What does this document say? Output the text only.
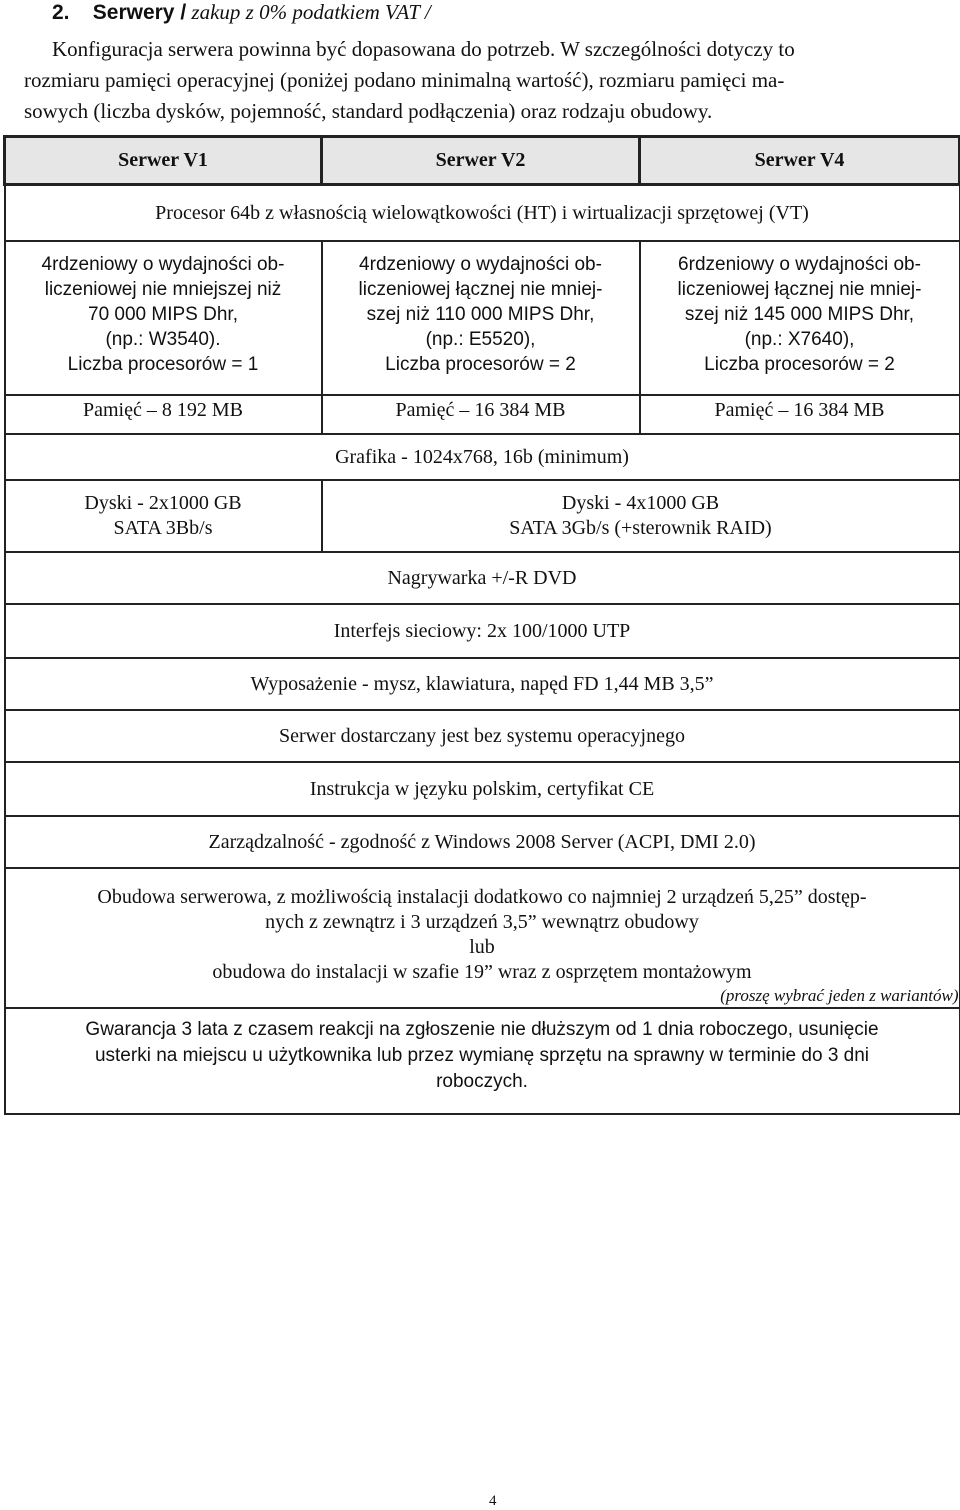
2. Serwery / zakup z 0% podatkiem VAT /

Konfiguracja serwera powinna być dopasowana do potrzeb. W szczególności dotyczy to

rozmiaru pamięci operacyjnej (poniżej podano minimalną wartość), rozmiaru pamięci ma-

sowych (liczba dysków, pojemność, standard podłączenia) oraz rodzaju obudowy.

Serwer V1	Serwer V2	Serwer V4
Procesor 64b z własnością wielowątkowości (HT) i wirtualizacji sprzętowej (VT)		

4rdzeniowy o wydajności ob-
liczeniowej nie mniejszej niż
70 000 MIPS Dhr,
(np.: W3540).
Liczba procesorów = 1	4rdzeniowy o wydajności ob-
liczeniowej łącznej nie mniej-
szej niż 110 000 MIPS Dhr,
(np.: E5520),
Liczba procesorów = 2	6rdzeniowy o wydajności ob-
liczeniowej łącznej nie mniej-
szej niż 145 000 MIPS Dhr,
(np.: X7640),
Liczba procesorów = 2

Pamięć – 8 192 MB	Pamięć – 16 384 MB	Pamięć – 16 384 MB
Grafika - 1024x768, 16b (minimum)		

Dyski - 2x1000 GB
SATA 3Bb/s	Dyski - 4x1000 GB
SATA 3Gb/s (+sterownik RAID)	

Nagrywarka +/-R DVD		
Interfejs sieciowy: 2x 100/1000 UTP		
Wyposażenie - mysz, klawiatura, napęd FD 1,44 MB 3,5”		
Serwer dostarczany jest bez systemu operacyjnego		
Instrukcja w języku polskim, certyfikat CE		
Zarządzalność - zgodność z Windows 2008 Server (ACPI, DMI 2.0)		

Obudowa serwerowa, z możliwością instalacji dodatkowo co najmniej 2 urządzeń 5,25” dostęp-
nych z zewnątrz i 3 urządzeń 3,5” wewnątrz obudowy
lub
obudowa do instalacji w szafie 19” wraz z osprzętem montażowym
(proszę wybrać jeden z wariantów)		

Gwarancja 3 lata z czasem reakcji na zgłoszenie nie dłuższym od 1 dnia roboczego, usunięcie
usterki na miejscu u użytkownika lub przez wymianę sprzętu na sprawny w terminie do 3 dni
roboczych.		
4
